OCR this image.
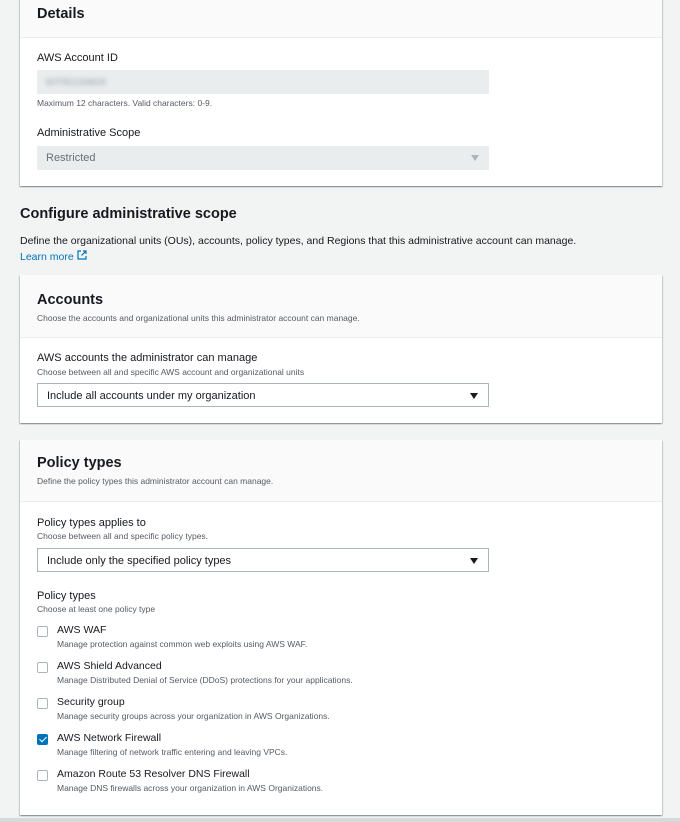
Details
AWS Account ID
607051234629
Maximum 12 characters. Valid characters: 0-9.
Administrative Scope
Restricted
Configure administrative scope
Define the organizational units (OUs), accounts, policy types, and Regions that this administrative account can manage. Learn more
Accounts
Choose the accounts and organizational units this administrator account can manage.
AWS accounts the administrator can manage
Choose between all and specific AWS account and organizational units
Include all accounts under my organization
Policy types
Define the policy types this administrator account can manage.
Policy types applies to
Choose between all and specific policy types.
Include only the specified policy types
Policy types
Choose at least one policy type
AWS WAF
Manage protection against common web exploits using AWS WAF.
AWS Shield Advanced
Manage Distributed Denial of Service (DDoS) protections for your applications.
Security group
Manage security groups across your organization in AWS Organizations.
AWS Network Firewall
Manage filtering of network traffic entering and leaving VPCs.
Amazon Route 53 Resolver DNS Firewall
Manage DNS firewalls across your organization in AWS Organizations.
